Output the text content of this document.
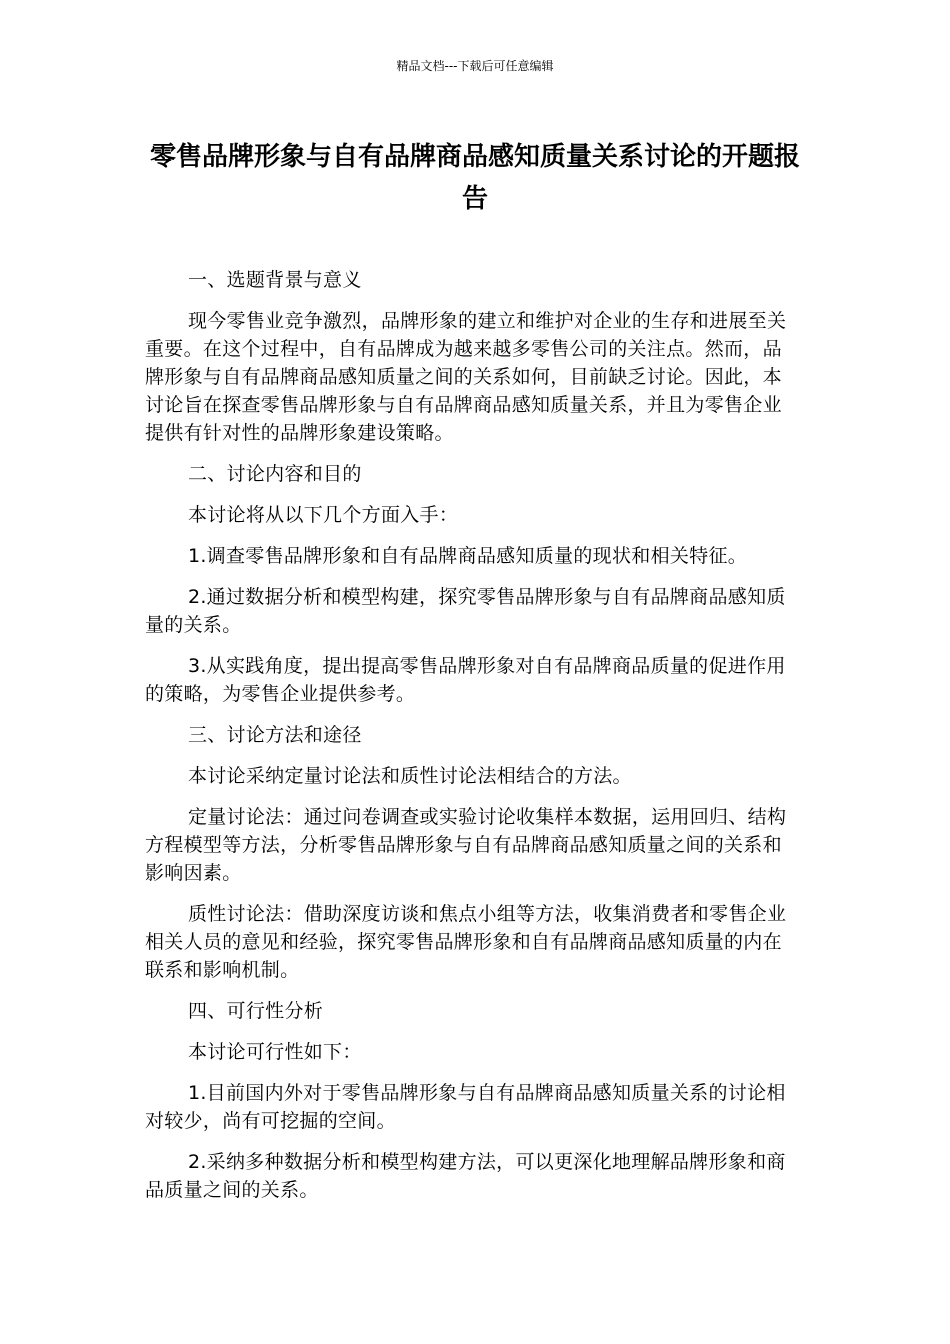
精品文档---下载后可任意编辑
零售品牌形象与自有品牌商品感知质量关系讨论的开题报告

一、选题背景与意义

现今零售业竞争激烈，品牌形象的建立和维护对企业的生存和进展至关重要。在这个过程中，自有品牌成为越来越多零售公司的关注点。然而，品牌形象与自有品牌商品感知质量之间的关系如何，目前缺乏讨论。因此，本讨论旨在探查零售品牌形象与自有品牌商品感知质量关系，并且为零售企业提供有针对性的品牌形象建设策略。

二、讨论内容和目的

本讨论将从以下几个方面入手：

1.调查零售品牌形象和自有品牌商品感知质量的现状和相关特征。

2.通过数据分析和模型构建，探究零售品牌形象与自有品牌商品感知质量的关系。

3.从实践角度，提出提高零售品牌形象对自有品牌商品质量的促进作用的策略，为零售企业提供参考。

三、讨论方法和途径

本讨论采纳定量讨论法和质性讨论法相结合的方法。

定量讨论法：通过问卷调查或实验讨论收集样本数据，运用回归、结构方程模型等方法，分析零售品牌形象与自有品牌商品感知质量之间的关系和影响因素。

质性讨论法：借助深度访谈和焦点小组等方法，收集消费者和零售企业相关人员的意见和经验，探究零售品牌形象和自有品牌商品感知质量的内在联系和影响机制。

四、可行性分析

本讨论可行性如下：

1.目前国内外对于零售品牌形象与自有品牌商品感知质量关系的讨论相对较少，尚有可挖掘的空间。

2.采纳多种数据分析和模型构建方法，可以更深化地理解品牌形象和商品质量之间的关系。
